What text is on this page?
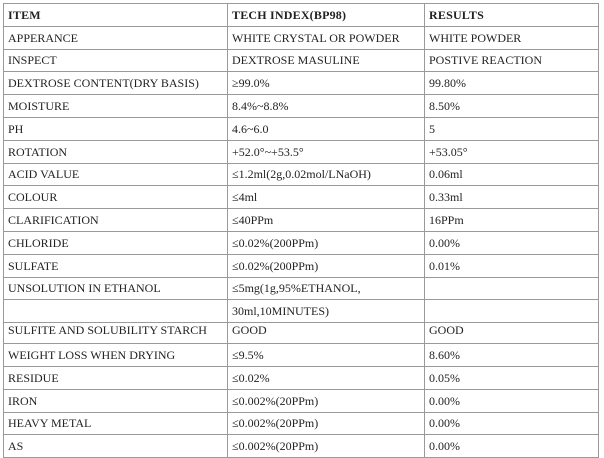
ITEM	TECH INDEX(BP98)	RESULTS
APPERANCE	WHITE CRYSTAL OR POWDER	WHITE POWDER
INSPECT	DEXTROSE MASULINE	POSTIVE REACTION
DEXTROSE CONTENT(DRY BASIS)	≥99.0%	99.80%
MOISTURE	8.4%~8.8%	8.50%
PH	4.6~6.0	5
ROTATION	+52.0°~+53.5°	+53.05°
ACID VALUE	≤1.2ml(2g,0.02mol/LNaOH)	0.06ml
COLOUR	≤4ml	0.33ml
CLARIFICATION	≤40PPm	16PPm
CHLORIDE	≤0.02%(200PPm)	0.00%
SULFATE	≤0.02%(200PPm)	0.01%
UNSOLUTION IN ETHANOL	≤5mg(1g,95%ETHANOL,	
	30ml,10MINUTES)	

SULFITE AND SOLUBILITY STARCH	GOOD	GOOD
WEIGHT LOSS WHEN DRYING	≤9.5%	8.60%
RESIDUE	≤0.02%	0.05%
IRON	≤0.002%(20PPm)	0.00%
HEAVY METAL	≤0.002%(20PPm)	0.00%
AS	≤0.002%(20PPm)	0.00%
